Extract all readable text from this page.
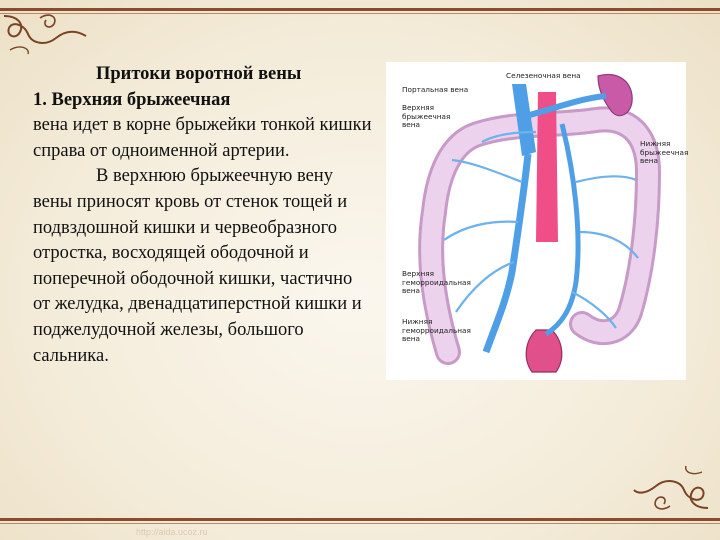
Притоки воротной вены

1. Верхняя брыжеечная

вена идет в корне брыжейки тонкой кишки справа от одноименной артерии.

В верхнюю брыжеечную вену вены приносят кровь от стенок тощей и подвздошной кишки и червеобразного отростка, восходящей ободочной и поперечной ободочной кишки, частично от желудка, двенадцатиперстной кишки и поджелудочной железы, большого сальника.

Портальная вена
Селезеночная вена
Верхняя брыжеечная вена
Нижняя брыжеечная вена
Верхняя геморроидальная вена
Нижняя геморроидальная вена
http://aida.ucoz.ru
